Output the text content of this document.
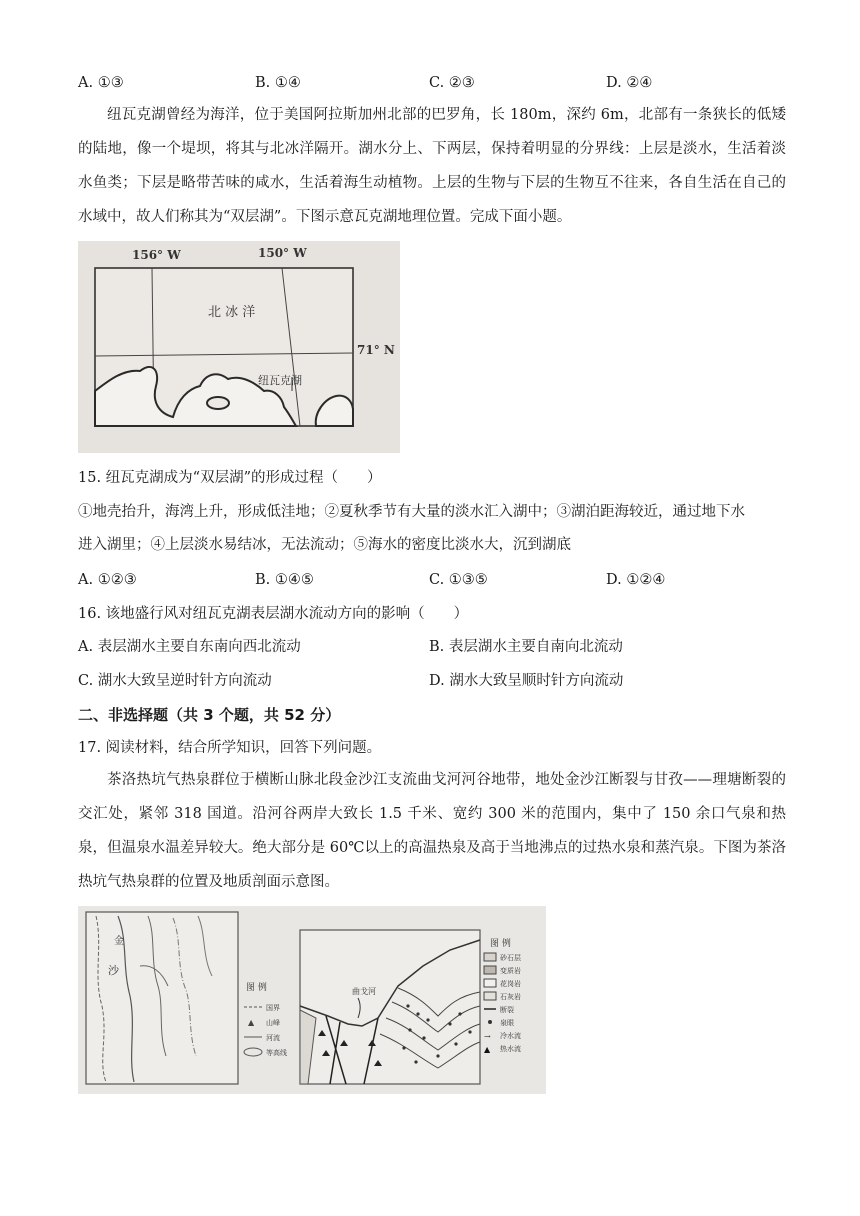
A. ①③	B. ①④	C. ②③	D. ②④

纽瓦克湖曾经为海洋，位于美国阿拉斯加州北部的巴罗角，长 180m，深约 6m，北部有一条狭长的低矮的陆地，像一个堤坝，将其与北冰洋隔开。湖水分上、下两层，保持着明显的分界线：上层是淡水，生活着淡水鱼类；下层是略带苦味的咸水，生活着海生动植物。上层的生物与下层的生物互不往来，各自生活在自己的水域中，故人们称其为“双层湖”。下图示意瓦克湖地理位置。完成下面小题。

156° W	150° W
71° N
北 冰 洋
纽瓦克湖
15. 纽瓦克湖成为“双层湖”的形成过程（　　）
①地壳抬升，海湾上升，形成低洼地；②夏秋季节有大量的淡水汇入湖中；③湖泊距海较近，通过地下水
进入湖里；④上层淡水易结冰，无法流动；⑤海水的密度比淡水大，沉到湖底
A. ①②③	B. ①④⑤	C. ①③⑤	D. ①②④
16. 该地盛行风对纽瓦克湖表层湖水流动方向的影响（　　）
A. 表层湖水主要自东南向西北流动	B. 表层湖水主要自南向北流动
C. 湖水大致呈逆时针方向流动	D. 湖水大致呈顺时针方向流动
二、非选择题（共 3 个题，共 52 分）
17. 阅读材料，结合所学知识，回答下列问题。

茶洛热坑气热泉群位于横断山脉北段金沙江支流曲戈河河谷地带，地处金沙江断裂与甘孜——理塘断裂的交汇处，紧邻 318 国道。沿河谷两岸大致长 1.5 千米、宽约 300 米的范围内，集中了 150 余口气泉和热泉，但温泉水温差异较大。绝大部分是 60℃以上的高温热泉及高于当地沸点的过热水泉和蒸汽泉。下图为茶洛热坑气热泉群的位置及地质剖面示意图。

沙
金
图 例
国界
▲ 山峰
河流
等高线
曲戈河
图 例
砂石层
变质岩
花岗岩
石灰岩
断裂
泉眼
→ 冷水流
▲ 热水流
